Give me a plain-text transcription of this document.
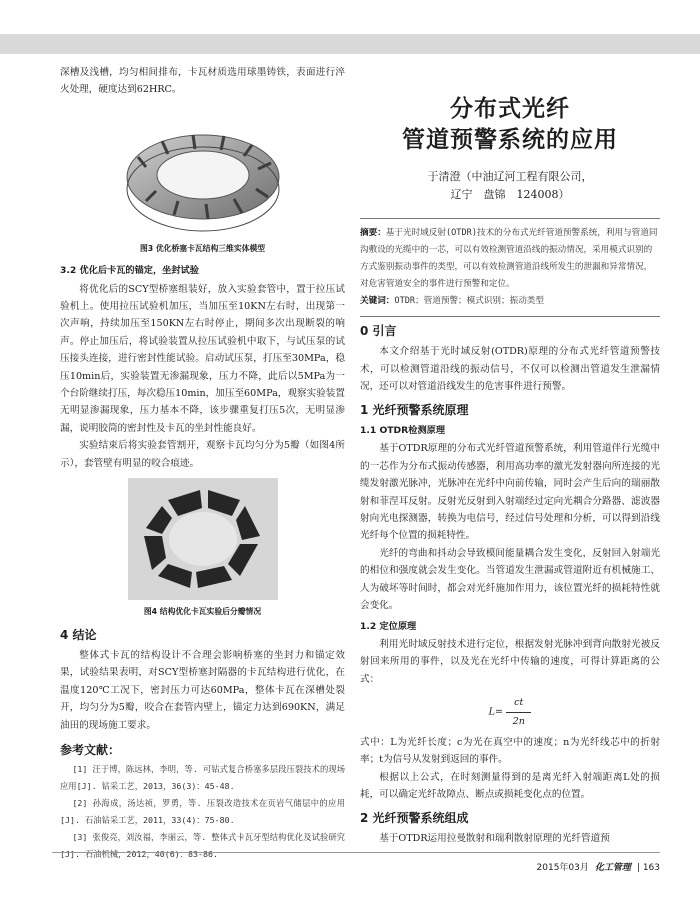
深槽及浅槽，均匀相间排布，卡瓦材质选用球墨铸铁，表面进行淬火处理，硬度达到62HRC。

图3 优化桥塞卡瓦结构三维实体模型

3.2 优化后卡瓦的锚定，坐封试验

将优化后的SCY型桥塞组装好，放入实验套管中，置于拉压试验机上。使用拉压试验机加压，当加压至10KN左右时，出现第一次声响，持续加压至150KN左右时停止，期间多次出现断裂的响声。停止加压后，将试验装置从拉压试验机中取下，与试压泵的试压接头连接，进行密封性能试验。启动试压泵，打压至30MPa，稳压10min后，实验装置无渗漏现象，压力不降，此后以5MPa为一个台阶继续打压，每次稳压10min，加压至60MPa，观察实验装置无明显渗漏现象，压力基本不降，该步骤重复打压5次，无明显渗漏，说明胶筒的密封性及卡瓦的坐封性能良好。

实验结束后将实验套管割开，观察卡瓦均匀分为5瓣（如图4所示），套管壁有明显的咬合痕迹。

图4 结构优化卡瓦实验后分瓣情况

4 结论

整体式卡瓦的结构设计不合理会影响桥塞的坐封力和锚定效果，试验结果表明，对SCY型桥塞封隔器的卡瓦结构进行优化，在温度120℃工况下，密封压力可达60MPa，整体卡瓦在深槽处裂开，均匀分为5瓣，咬合在套管内壁上，锚定力达到690KN，满足油田的现场施工要求。

参考文献：

[1] 汪于博，陈远林，李明，等. 可钻式复合桥塞多层段压裂技术的现场应用[J]. 钻采工艺，2013，36(3)：45-48.

[2] 孙海成，汤达祯，罗勇，等. 压裂改造技术在页岩气储层中的应用[J]. 石油钻采工艺，2011，33(4)：75-80.

[3] 张俊亮，刘汝福，李丽云，等. 整体式卡瓦牙型结构优化及试验研究[J]. 石油机械，2012，40(6)：83-86.

分布式光纤
管道预警系统的应用
于清澄（中油辽河工程有限公司，
辽宁　盘锦　124008）

摘要：基于光时域反射(OTDR)技术的分布式光纤管道预警系统，利用与管道同沟敷设的光缆中的一芯，可以有效检测管道沿线的振动情况，采用模式识别的方式鉴别振动事件的类型，可以有效检测管道沿线所发生的泄漏和异常情况，对危害管道安全的事件进行预警和定位。

关键词：OTDR；管道预警；模式识别；振动类型

0 引言

本文介绍基于光时域反射(OTDR)原理的分布式光纤管道预警技术，可以检测管道沿线的振动信号，不仅可以检测出管道发生泄漏情况，还可以对管道沿线发生的危害事件进行预警。

1 光纤预警系统原理

1.1 OTDR检测原理

基于OTDR原理的分布式光纤管道预警系统，利用管道伴行光缆中的一芯作为分布式振动传感器，利用高功率的激光发射器向所连接的光缆发射激光脉冲，光脉冲在光纤中向前传输，同时会产生后向的瑞丽散射和菲涅耳反射。反射光反射到入射端经过定向光耦合分路器、滤波器射向光电探测器，转换为电信号，经过信号处理和分析，可以得到沿线光纤每个位置的损耗特性。

光纤的弯曲和抖动会导致模间能量耦合发生变化，反射回入射端光的相位和强度就会发生变化。当管道发生泄漏或管道附近有机械施工、人为破坏等时间时，都会对光纤施加作用力，该位置光纤的损耗特性就会变化。

1.2 定位原理

利用光时域反射技术进行定位，根据发射光脉冲到背向散射光被反射回来所用的事件，以及光在光纤中传输的速度，可得计算距离的公式：

$L= \frac{ct}{2n}$

式中：L为光纤长度；c为光在真空中的速度；n为光纤线芯中的折射率；t为信号从发射到返回的事件。

根据以上公式，在时刻测量得到的是离光纤入射端距离L处的损耗，可以确定光纤故障点、断点或损耗变化点的位置。

2 光纤预警系统组成

基于OTDR运用拉曼散射和瑞利散射原理的光纤管道预

2015年03月 化工管理 | 163
